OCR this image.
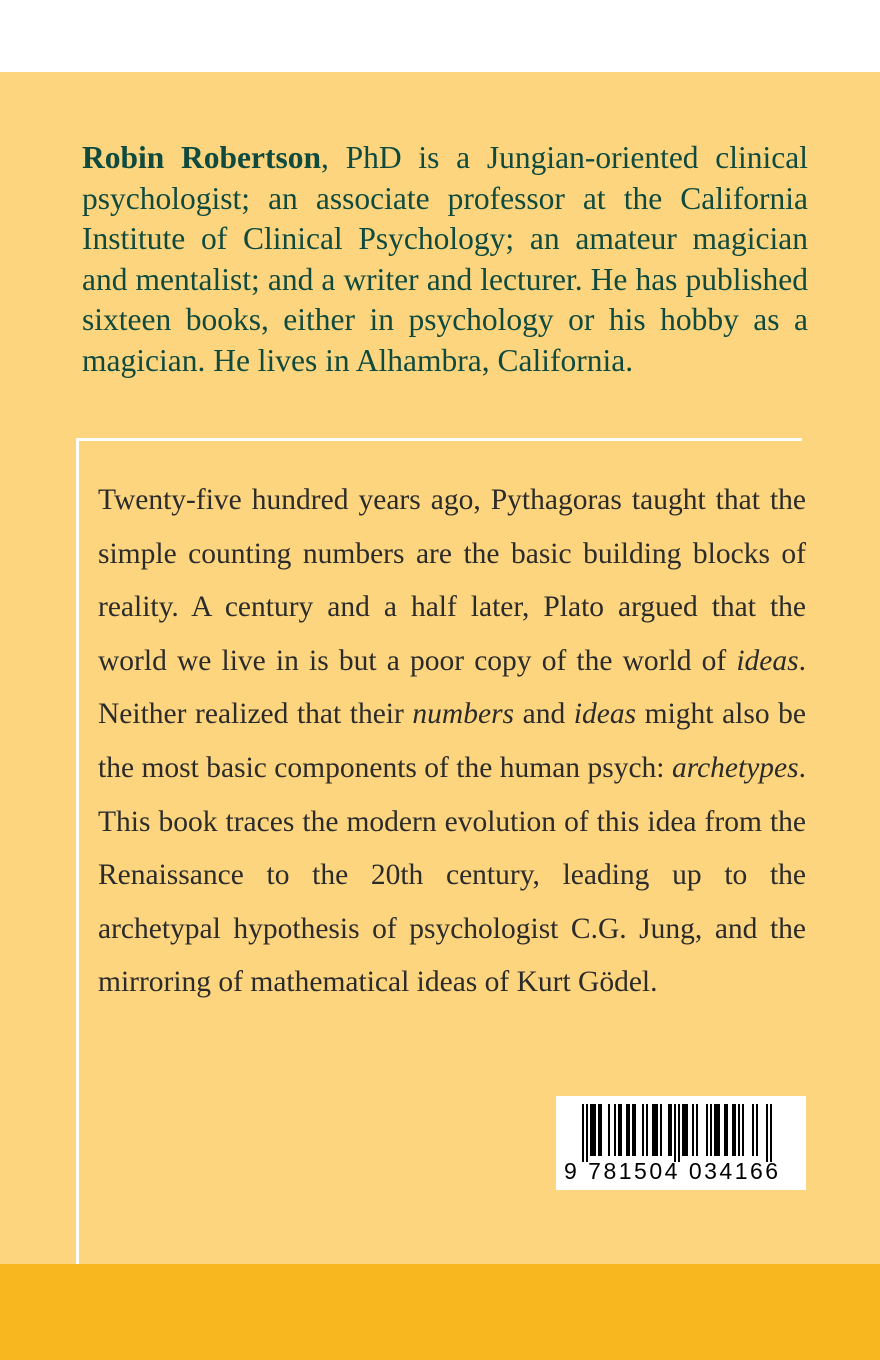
Robin Robertson, PhD is a Jungian-oriented clinical psychologist; an associate professor at the California Institute of Clinical Psychology; an amateur magician and mentalist; and a writer and lecturer. He has published sixteen books, either in psychology or his hobby as a magician. He lives in Alhambra, California.

Twenty-five hundred years ago, Pythagoras taught that the simple counting numbers are the basic building blocks of reality. A century and a half later, Plato argued that the world we live in is but a poor copy of the world of ideas. Neither realized that their numbers and ideas might also be the most basic components of the human psych: archetypes. This book traces the modern evolution of this idea from the Renaissance to the 20th century, leading up to the archetypal hypothesis of psychologist C.G. Jung, and the mirroring of mathematical ideas of Kurt Gödel.

9 781504 034166
